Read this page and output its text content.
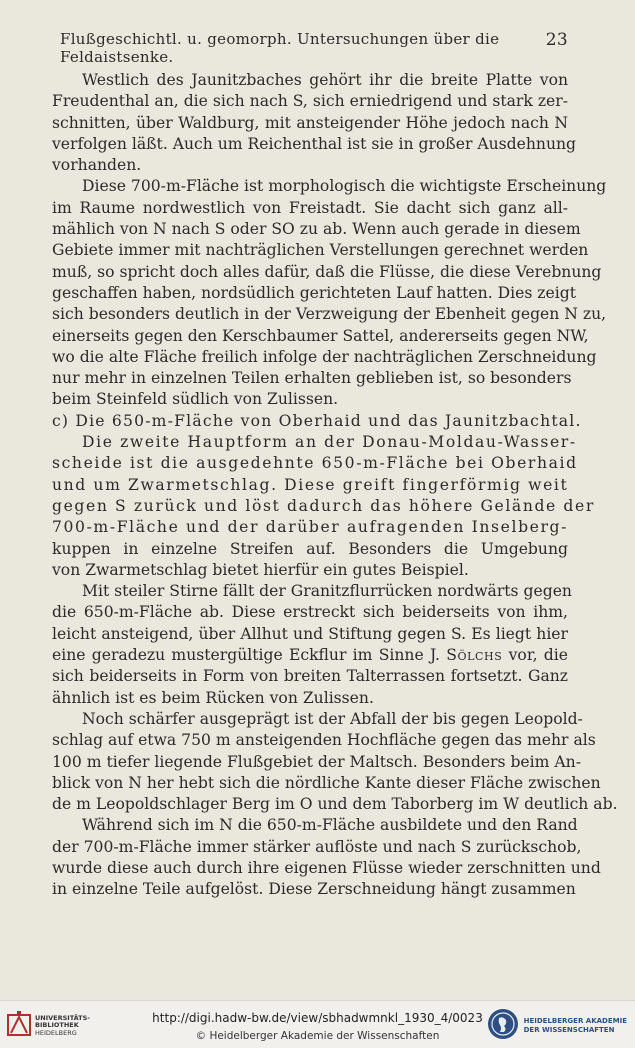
Flußgeschichtl. u. geomorph. Untersuchungen über die Feldaistsenke.
23

Westlich des Jaunitzbaches gehört ihr die breite Platte von
Freudenthal an, die sich nach S, sich erniedrigend und stark zer-
schnitten, über Waldburg, mit ansteigender Höhe jedoch nach N
verfolgen läßt. Auch um Reichenthal ist sie in großer Ausdehnung
vorhanden.

Diese 700-m-Fläche ist morphologisch die wichtigste Erscheinung
im Raume nordwestlich von Freistadt. Sie dacht sich ganz all-
mählich von N nach S oder SO zu ab. Wenn auch gerade in diesem
Gebiete immer mit nachträglichen Verstellungen gerechnet werden
muß, so spricht doch alles dafür, daß die Flüsse, die diese Verebnung
geschaffen haben, nordsüdlich gerichteten Lauf hatten. Dies zeigt
sich besonders deutlich in der Verzweigung der Ebenheit gegen N zu,
einerseits gegen den Kerschbaumer Sattel, andererseits gegen NW,
wo die alte Fläche freilich infolge der nachträglichen Zerschneidung
nur mehr in einzelnen Teilen erhalten geblieben ist, so besonders
beim Steinfeld südlich von Zulissen.

c) Die 650-m-Fläche von Oberhaid und das Jaunitzbachtal.

Die zweite Hauptform an der Donau-Moldau-Wasser-
scheide ist die ausgedehnte 650-m-Fläche bei Oberhaid
und um Zwarmetschlag. Diese greift fingerförmig weit
gegen S zurück und löst dadurch das höhere Gelände der
700-m-Fläche und der darüber aufragenden Inselberg-
kuppen in einzelne Streifen auf. Besonders die Umgebung
von Zwarmetschlag bietet hierfür ein gutes Beispiel.

Mit steiler Stirne fällt der Granitzflurrücken nordwärts gegen
die 650-m-Fläche ab. Diese erstreckt sich beiderseits von ihm,
leicht ansteigend, über Allhut und Stiftung gegen S. Es liegt hier
eine geradezu mustergültige Eckflur im Sinne J. Sölchs vor, die
sich beiderseits in Form von breiten Talterrassen fortsetzt. Ganz
ähnlich ist es beim Rücken von Zulissen.

Noch schärfer ausgeprägt ist der Abfall der bis gegen Leopold-
schlag auf etwa 750 m ansteigenden Hochfläche gegen das mehr als
100 m tiefer liegende Flußgebiet der Maltsch. Besonders beim An-
blick von N her hebt sich die nördliche Kante dieser Fläche zwischen
de m Leopoldschlager Berg im O und dem Taborberg im W deutlich ab.

Während sich im N die 650-m-Fläche ausbildete und den Rand
der 700-m-Fläche immer stärker auflöste und nach S zurückschob,
wurde diese auch durch ihre eigenen Flüsse wieder zerschnitten und
in einzelne Teile aufgelöst. Diese Zerschneidung hängt zusammen

UNIVERSITÄTS-
BIBLIOTHEK
HEIDELBERG
http://digi.hadw-bw.de/view/sbhadwmnkl_1930_4/0023
© Heidelberger Akademie der Wissenschaften
HEIDELBERGER AKADEMIE
DER WISSENSCHAFTEN
